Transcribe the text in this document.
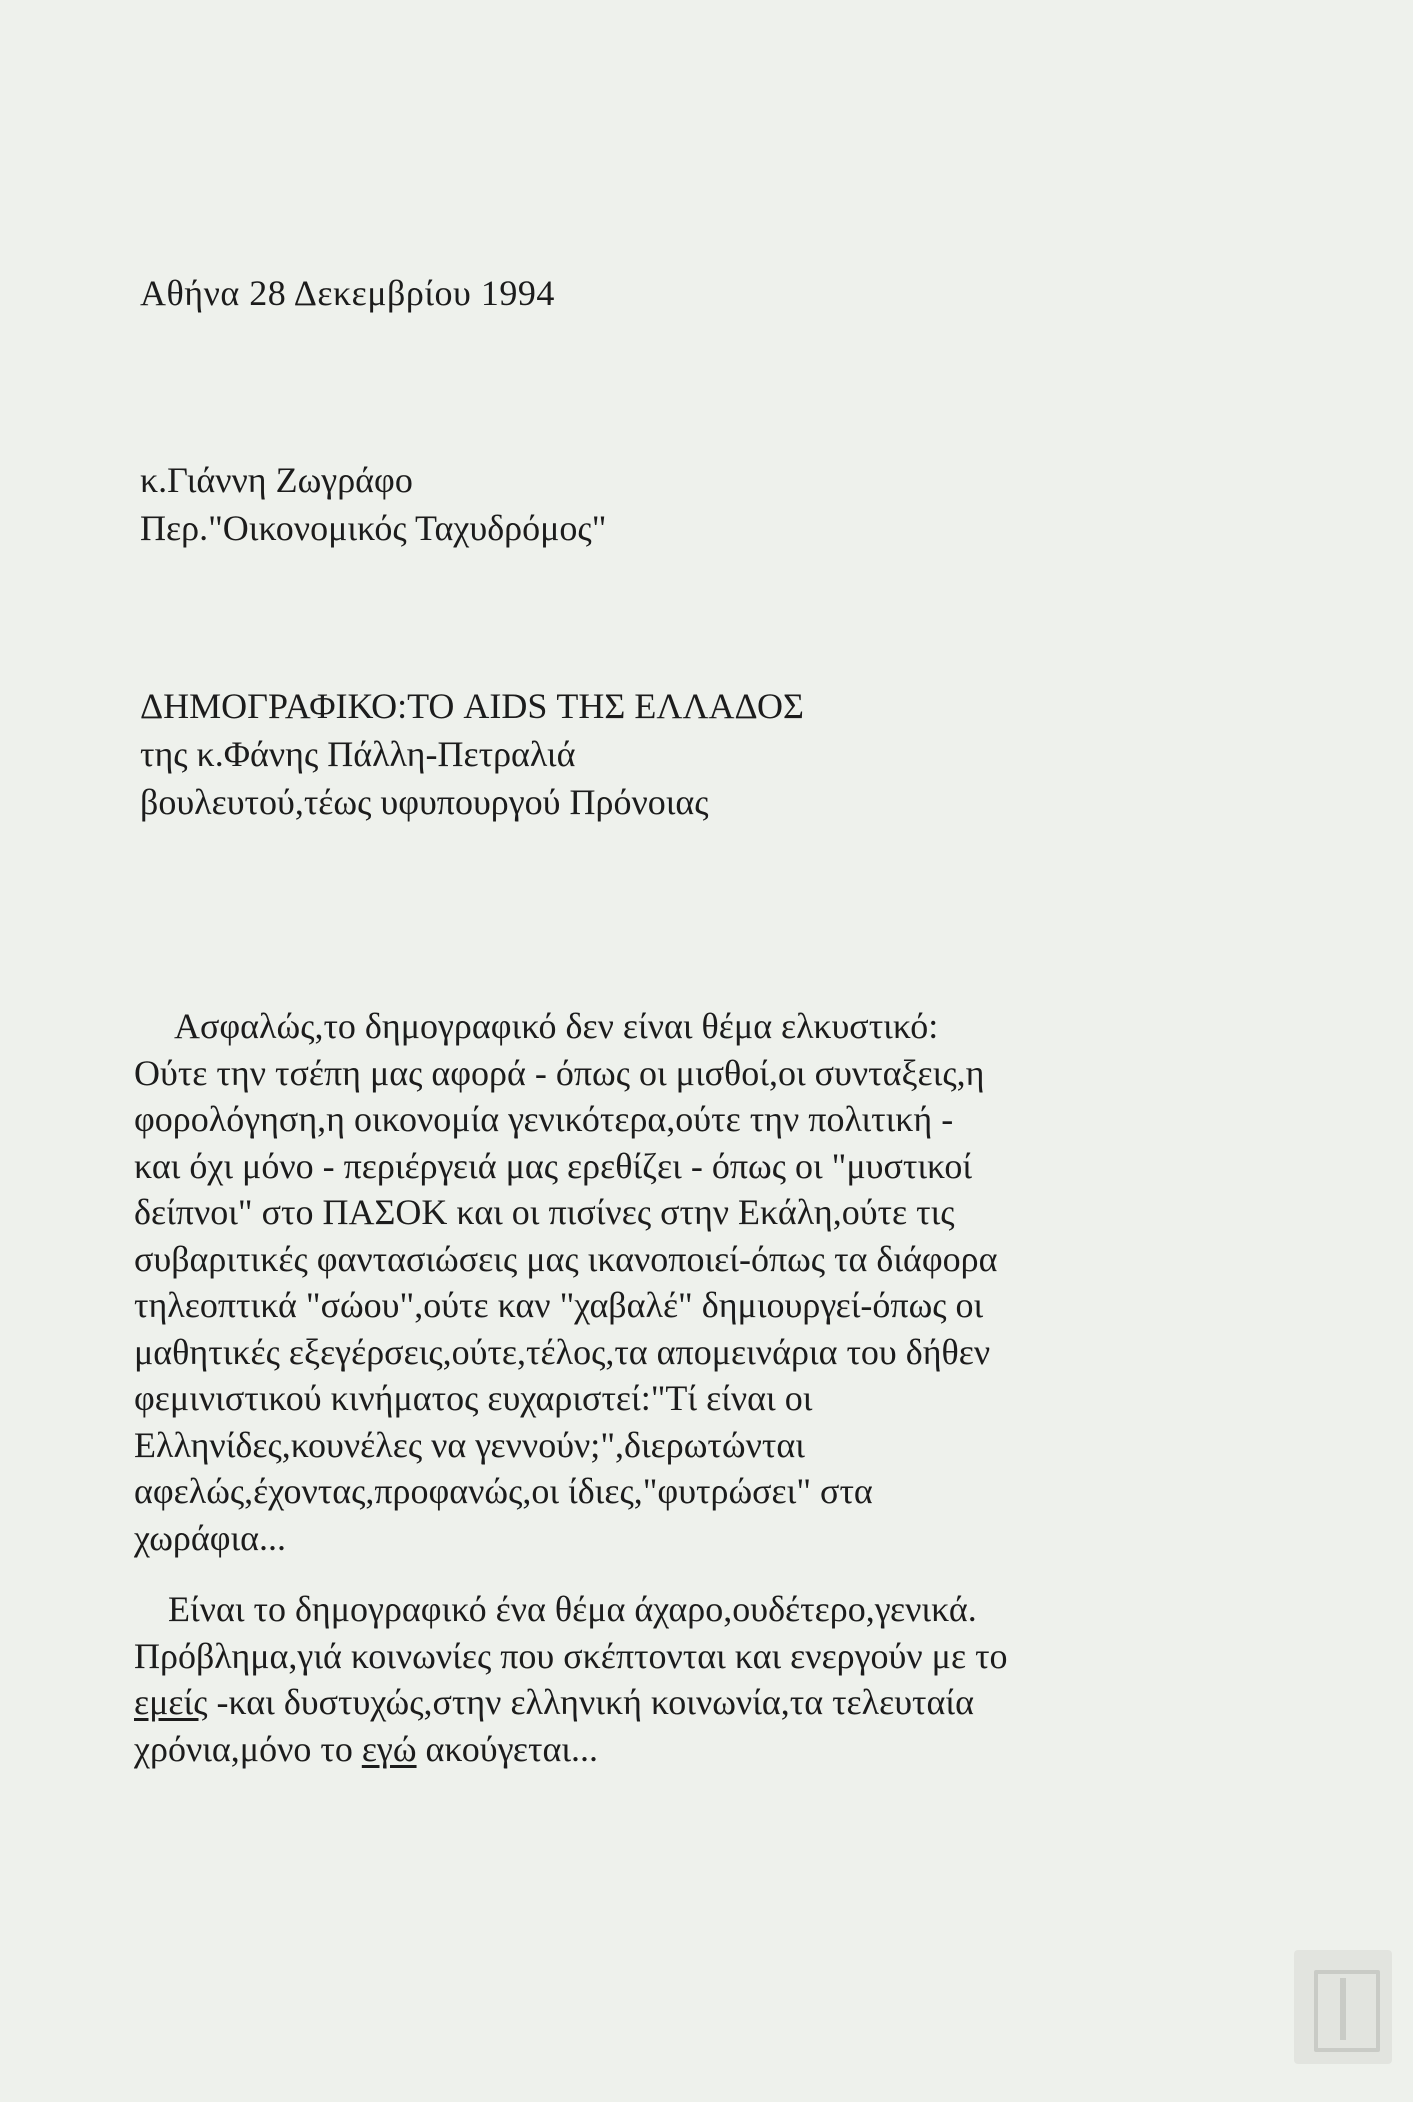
Αθήνα 28 Δεκεμβρίου 1994
κ.Γιάννη Ζωγράφο
Περ."Οικονομικός Ταχυδρόμος"
ΔΗΜΟΓΡΑΦΙΚΟ:ΤΟ AIDS ΤΗΣ ΕΛΛΑΔΟΣ
της κ.Φάνης Πάλλη-Πετραλιά
βουλευτού,τέως υφυπουργού Πρόνοιας
Ασφαλώς,το δημογραφικό δεν είναι θέμα ελκυστικό:
Ούτε την τσέπη μας αφορά - όπως οι μισθοί,οι συνταξεις,η
φορολόγηση,η οικονομία γενικότερα,ούτε την πολιτική -
και όχι μόνο - περιέργειά μας ερεθίζει - όπως οι "μυστικοί
δείπνοι" στο ΠΑΣΟΚ και οι πισίνες στην Εκάλη,ούτε τις
συβαριτικές φαντασιώσεις μας ικανοποιεί-όπως τα διάφορα
τηλεοπτικά "σώου",ούτε καν "χαβαλέ" δημιουργεί-όπως οι
μαθητικές εξεγέρσεις,ούτε,τέλος,τα απομεινάρια του δήθεν
φεμινιστικού κινήματος ευχαριστεί:"Τί είναι οι
Ελληνίδες,κουνέλες να γεννούν;",διερωτώνται
αφελώς,έχοντας,προφανώς,οι ίδιες,"φυτρώσει" στα
χωράφια...
Είναι το δημογραφικό ένα θέμα άχαρο,ουδέτερο,γενικά.
Πρόβλημα,γιά κοινωνίες που σκέπτονται και ενεργούν με το
εμείς -και δυστυχώς,στην ελληνική κοινωνία,τα τελευταία
χρόνια,μόνο το εγώ ακούγεται...
